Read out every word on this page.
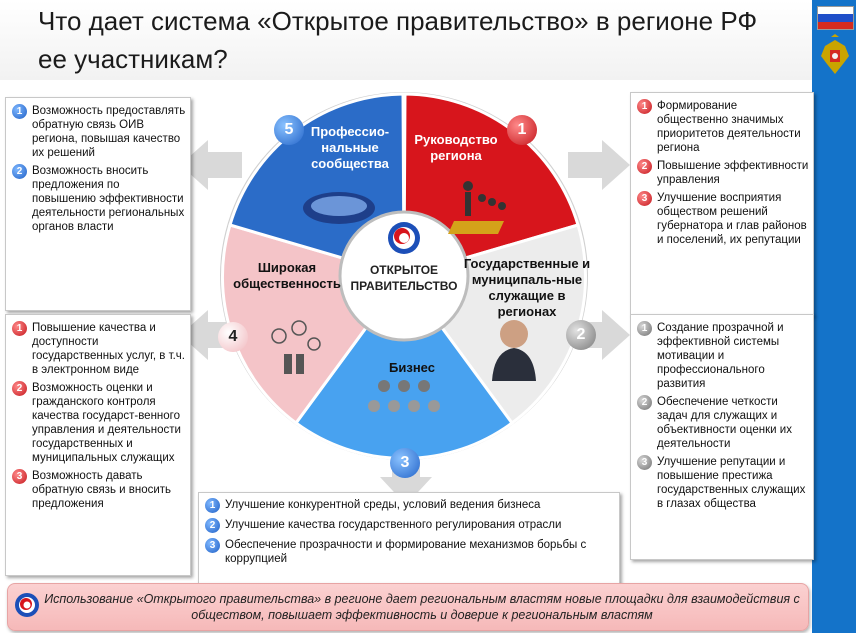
Что дает система «Открытое правительство» в регионе РФ ее участникам?
ОТКРЫТОЕ
ПРАВИТЕЛЬСТВО
Руководство региона
Государственные и муниципаль-ные служащие в регионах
Бизнес
Широкая общественность
Профессио-нальные сообщества
1
2
3
4
5
1 Возможность предоставлять обратную связь ОИВ региона, повышая качество их решений
2 Возможность вносить предложения по повышению эффективности деятельности региональных органов власти
1 Формирование общественно значимых приоритетов деятельности региона
2 Повышение эффективности управления
3 Улучшение восприятия обществом решений губернатора и глав районов и поселений, их репутации
1 Повышение качества и доступности государственных услуг, в т.ч. в электронном виде
2 Возможность оценки и гражданского контроля качества государст-венного управления и деятельности государственных и муниципальных служащих
3 Возможность давать обратную связь и вносить предложения
1 Создание прозрачной и эффективной системы мотивации и профессионального развития
2 Обеспечение четкости задач для служащих и объективности оценки их деятельности
3 Улучшение репутации и повышение престижа государственных служащих в глазах общества
1 Улучшение конкурентной среды, условий ведения бизнеса
2 Улучшение качества государственного регулирования отрасли
3 Обеспечение прозрачности и формирование механизмов борьбы с коррупцией
Использование «Открытого правительства» в регионе дает региональным властям новые площадки для взаимодействия с обществом, повышает эффективность и доверие к региональным властям
